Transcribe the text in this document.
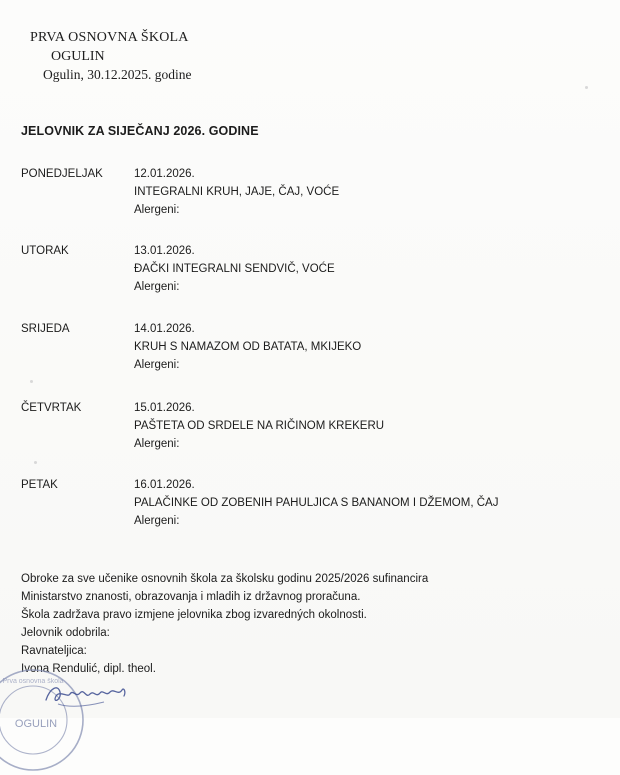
PRVA OSNOVNA ŠKOLA
OGULIN
Ogulin, 30.12.2025. godine
JELOVNIK ZA SIJEČANJ 2026. GODINE
PONEDJELJAK	12.01.2026.
INTEGRALNI KRUH, JAJE, ČAJ, VOĆE
Alergeni:
UTORAK	13.01.2026.
ĐAČKI INTEGRALNI SENDVIČ, VOĆE
Alergeni:
SRIJEDA	14.01.2026.
KRUH S NAMAZOM OD BATATA, MKIJEKO
Alergeni:
ČETVRTAK	15.01.2026.
PAŠTETA OD SRDELE NA RIČINOM KREKERU
Alergeni:
PETAK	16.01.2026.
PALAČINKE OD ZOBENIH PAHULJICA S BANANOM I DŽEMOM, ČAJ
Alergeni:
Obroke za sve učenike osnovnih škola za školsku godinu 2025/2026 sufinancira
Ministarstvo znanosti, obrazovanja i mladih iz državnog proračuna.
Škola zadržava pravo izmjene jelovnika zbog izvaredných okolnosti.
Jelovnik odobrila:
Ravnateljica:
Ivona Rendulić, dipl. theol.
Prva osnovna škola
OGULIN
